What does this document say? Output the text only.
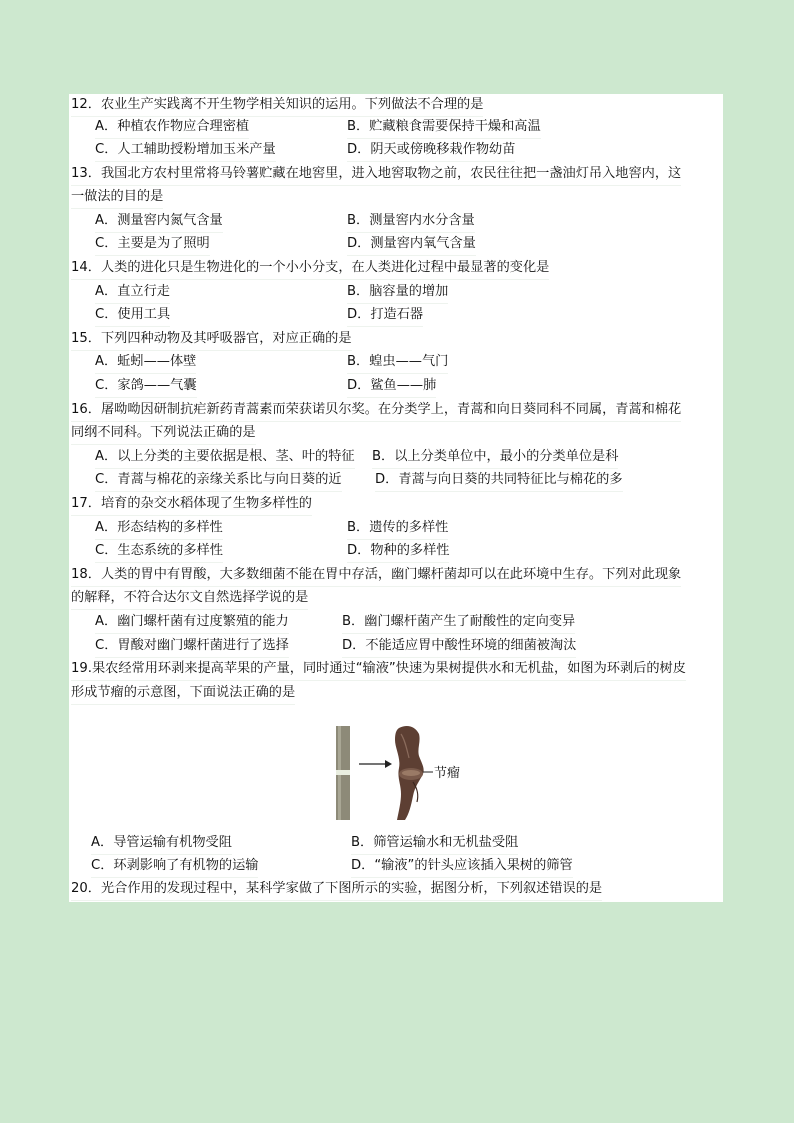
12．农业生产实践离不开生物学相关知识的运用。下列做法不合理的是
A．种植农作物应合理密植	B．贮藏粮食需要保持干燥和高温
C．人工辅助授粉增加玉米产量	D．阴天或傍晚移栽作物幼苗
13．我国北方农村里常将马铃薯贮藏在地窖里，进入地窖取物之前，农民往往把一盏油灯吊入地窖内，这
一做法的目的是
A．测量窖内氮气含量	B．测量窖内水分含量
C．主要是为了照明	D．测量窖内氧气含量
14．人类的进化只是生物进化的一个小小分支，在人类进化过程中最显著的变化是
A．直立行走	B．脑容量的增加
C．使用工具	D．打造石器
15．下列四种动物及其呼吸器官，对应正确的是
A．蚯蚓——体壁	B．蝗虫——气门
C．家鸽——气囊	D．鲨鱼——肺
16．屠呦呦因研制抗疟新药青蒿素而荣获诺贝尔奖。在分类学上，青蒿和向日葵同科不同属，青蒿和棉花
同纲不同科。下列说法正确的是
A．以上分类的主要依据是根、茎、叶的特征 B．以上分类单位中，最小的分类单位是科
C．青蒿与棉花的亲缘关系比与向日葵的近	D．青蒿与向日葵的共同特征比与棉花的多
17．培育的杂交水稻体现了生物多样性的
A．形态结构的多样性	B．遗传的多样性
C．生态系统的多样性	D．物种的多样性
18．人类的胃中有胃酸，大多数细菌不能在胃中存活，幽门螺杆菌却可以在此环境中生存。下列对此现象
的解释，不符合达尔文自然选择学说的是
A．幽门螺杆菌有过度繁殖的能力	B．幽门螺杆菌产生了耐酸性的定向变异
C．胃酸对幽门螺杆菌进行了选择	D．不能适应胃中酸性环境的细菌被淘汰
19.果农经常用环剥来提高苹果的产量，同时通过“输液”快速为果树提供水和无机盐，如图为环剥后的树皮
形成节瘤的示意图，下面说法正确的是
节瘤
A．导管运输有机物受阻	B．筛管运输水和无机盐受阻
C．环剥影响了有机物的运输	D．“输液”的针头应该插入果树的筛管
20．光合作用的发现过程中，某科学家做了下图所示的实验，据图分析，下列叙述错误的是
